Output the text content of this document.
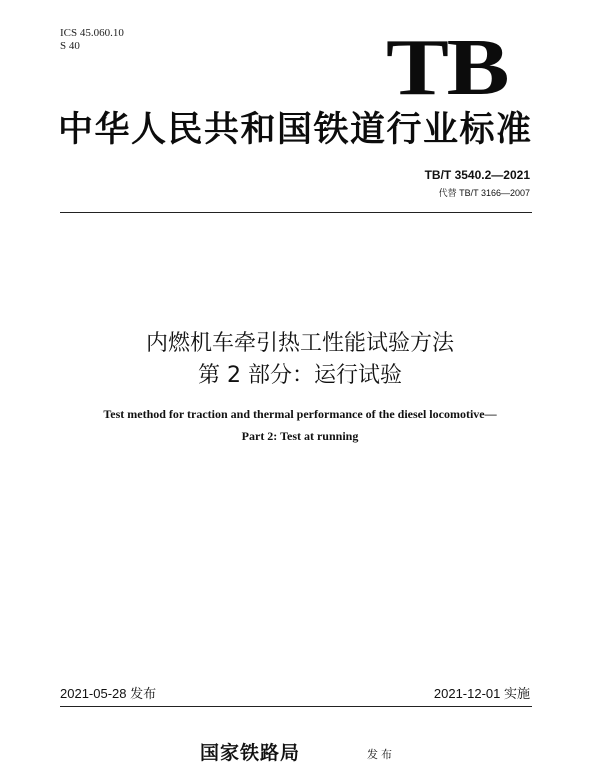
ICS 45.060.10
S 40	TB
中华人民共和国铁道行业标准
TB/T 3540.2—2021
代替 TB/T 3166—2007
内燃机车牵引热工性能试验方法
第 2 部分：运行试验
Test method for traction and thermal performance of the diesel locomotive—
Part 2: Test at running
2021-05-28 发布	2021-12-01 实施
国家铁路局	发布
